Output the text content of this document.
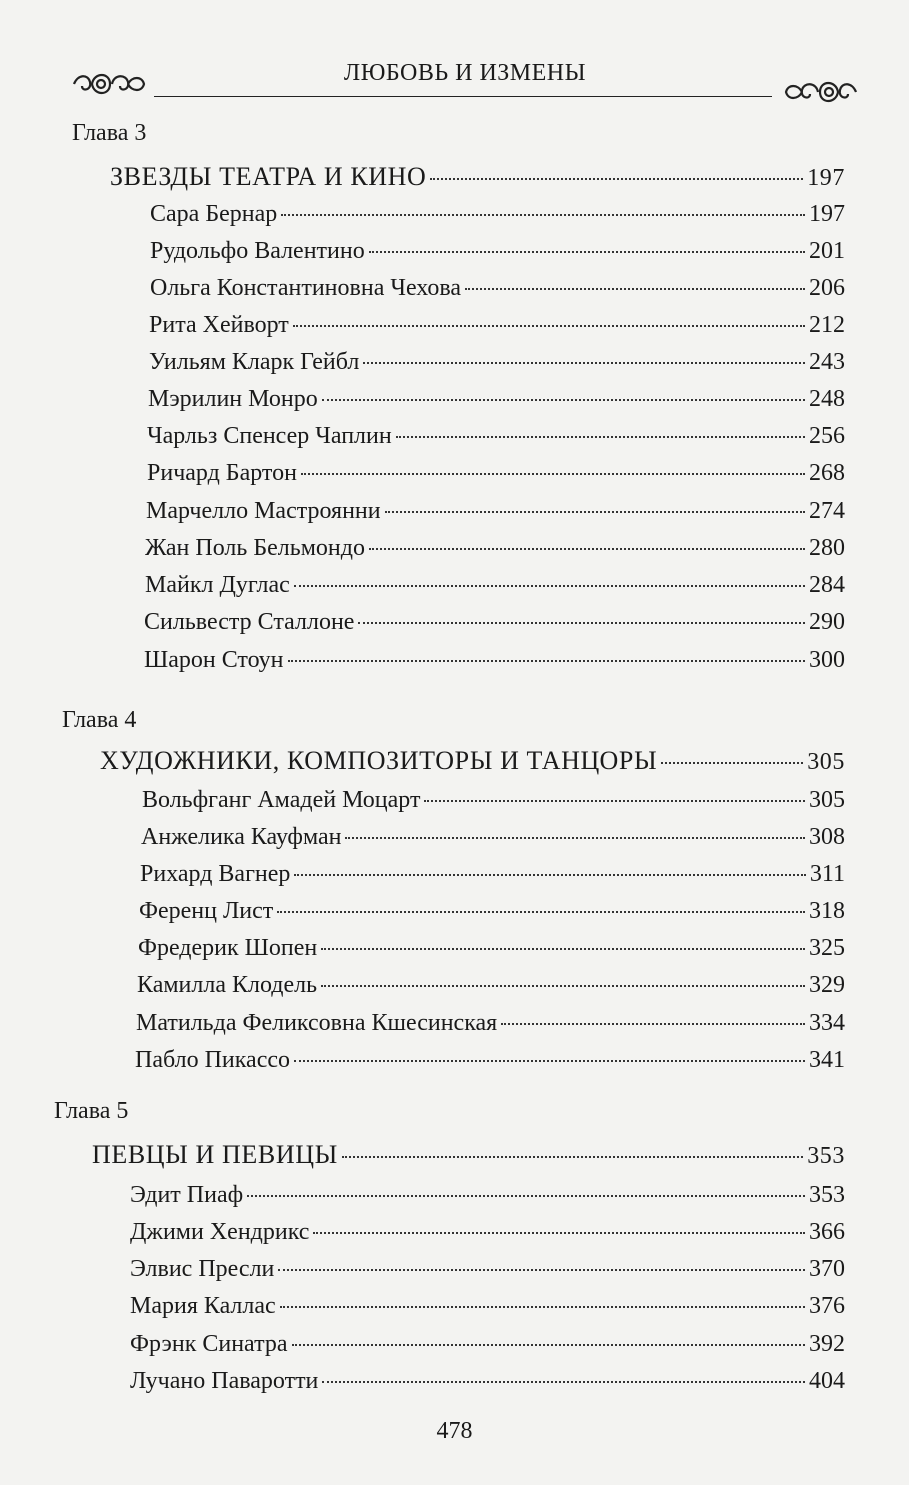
ЛЮБОВЬ И ИЗМЕНЫ
Глава 3
ЗВЕЗДЫ ТЕАТРА И КИНО	197
Сара Бернар	197
Рудольфо Валентино	201
Ольга Константиновна Чехова	206
Рита Хейворт	212
Уильям Кларк Гейбл	243
Мэрилин Монро	248
Чарльз Спенсер Чаплин	256
Ричард Бартон	268
Марчелло Мастроянни	274
Жан Поль Бельмондо	280
Майкл Дуглас	284
Сильвестр Сталлоне	290
Шарон Стоун	300
Глава 4
ХУДОЖНИКИ, КОМПОЗИТОРЫ И ТАНЦОРЫ	305
Вольфганг Амадей Моцарт	305
Анжелика Кауфман	308
Рихард Вагнер	311
Ференц Лист	318
Фредерик Шопен	325
Камилла Клодель	329
Матильда Феликсовна Кшесинская	334
Пабло Пикассо	341
Глава 5
ПЕВЦЫ И ПЕВИЦЫ	353
Эдит Пиаф	353
Джими Хендрикс	366
Элвис Пресли	370
Мария Каллас	376
Фрэнк Синатра	392
Лучано Паваротти	404
478
